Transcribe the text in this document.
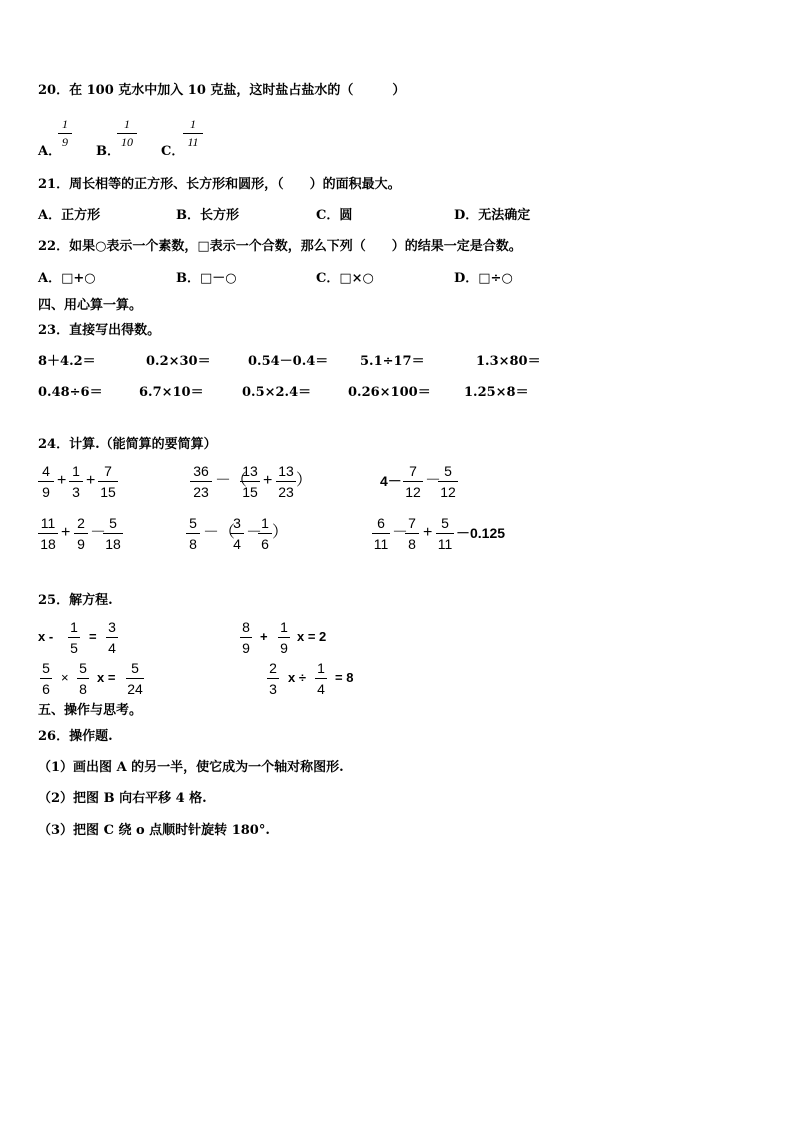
20．在 100 克水中加入 10 克盐，这时盐占盐水的（　　　）
A．
1
9
B．
1
10
C．
1
11
21．周长相等的正方形、长方形和圆形，（　　）的面积最大。
A．正方形	B．长方形	C．圆	D．无法确定
22．如果○表示一个素数，□表示一个合数，那么下列（　　）的结果一定是合数。
A．□+○	B．□－○	C．□×○	D．□÷○
四、用心算一算。
23．直接写出得数。
8＋4.2＝	0.2×30＝	0.54－0.4＝ 5.1÷17＝	1.3×80＝
0.48÷6＝	6.7×10＝	0.5×2.4＝	0.26×100＝	1.25×8＝
24．计算.（能简算的要简算）
4
9
+
1
3
+
7
15
36
23
－（
13
15
+
13
23
）	4－
7
12
－
5
12
11
18
+
2
9
－
5
18
5
8
－（
3
4
－
1
6
）
6
11
－
7
8
+
5
11
－0.125
25．解方程.
x -
1
5
=
3
4
8
9
+
1
9
x = 2
5
6
×
5
8
x =
5
24
2
3
x ÷
1
4
= 8
五、操作与思考。
26．操作题.
（1）画出图 A 的另一半，使它成为一个轴对称图形.
（2）把图 B 向右平移 4 格.
（3）把图 C 绕 o 点顺时针旋转 180°.
